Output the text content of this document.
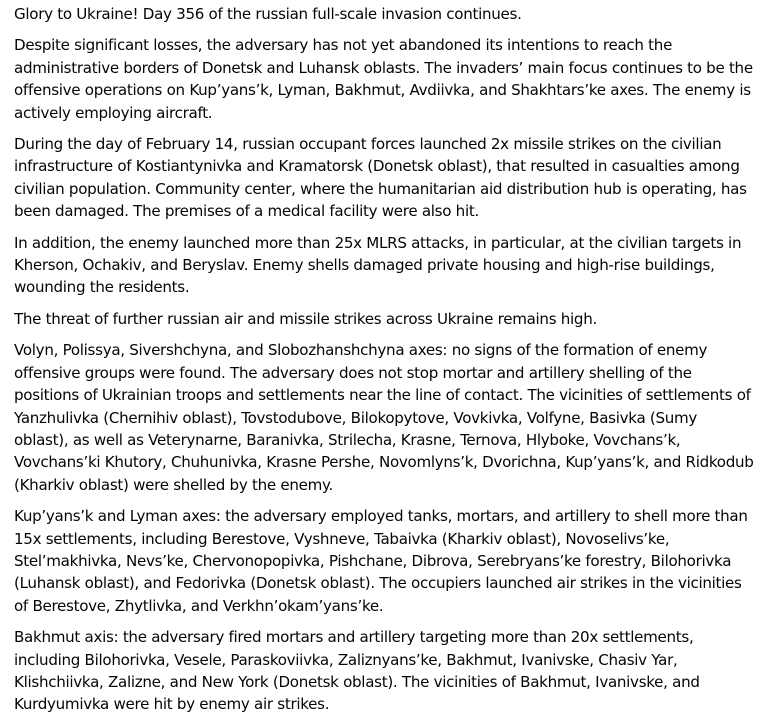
Glory to Ukraine! Day 356 of the russian full-scale invasion continues.

Despite significant losses, the adversary has not yet abandoned its intentions to reach the administrative borders of Donetsk and Luhansk oblasts. The invaders’ main focus continues to be the offensive operations on Kup’yans’k, Lyman, Bakhmut, Avdiivka, and Shakhtars’ke axes. The enemy is actively employing aircraft.

During the day of February 14, russian occupant forces launched 2x missile strikes on the civilian infrastructure of Kostiantynivka and Kramatorsk (Donetsk oblast), that resulted in casualties among civilian population. Community center, where the humanitarian aid distribution hub is operating, has been damaged. The premises of a medical facility were also hit.

In addition, the enemy launched more than 25x MLRS attacks, in particular, at the civilian targets in Kherson, Ochakiv, and Beryslav. Enemy shells damaged private housing and high-rise buildings, wounding the residents.

The threat of further russian air and missile strikes across Ukraine remains high.

Volyn, Polissya, Sivershchyna, and Slobozhanshchyna axes: no signs of the formation of enemy offensive groups were found. The adversary does not stop mortar and artillery shelling of the positions of Ukrainian troops and settlements near the line of contact. The vicinities of settlements of Yanzhulivka (Chernihiv oblast), Tovstodubove, Bilokopytove, Vovkivka, Volfyne, Basivka (Sumy oblast), as well as Veterynarne, Baranivka, Strilecha, Krasne, Ternova, Hlyboke, Vovchans’k, Vovchans’ki Khutory, Chuhunivka, Krasne Pershe, Novomlyns’k, Dvorichna, Kup’yans’k, and Ridkodub (Kharkiv oblast) were shelled by the enemy.

Kup’yans’k and Lyman axes: the adversary employed tanks, mortars, and artillery to shell more than 15x settlements, including Berestove, Vyshneve, Tabaivka (Kharkiv oblast), Novoselivs’ke, Stel’makhivka, Nevs’ke, Chervonopopivka, Pishchane, Dibrova, Serebryans’ke forestry, Bilohorivka (Luhansk oblast), and Fedorivka (Donetsk oblast). The occupiers launched air strikes in the vicinities of Berestove, Zhytlivka, and Verkhn’okam’yans’ke.

Bakhmut axis: the adversary fired mortars and artillery targeting more than 20x settlements, including Bilohorivka, Vesele, Paraskoviivka, Zaliznyans’ke, Bakhmut, Ivanivske, Chasiv Yar, Klishchiivka, Zalizne, and New York (Donetsk oblast). The vicinities of Bakhmut, Ivanivske, and Kurdyumivka were hit by enemy air strikes.
